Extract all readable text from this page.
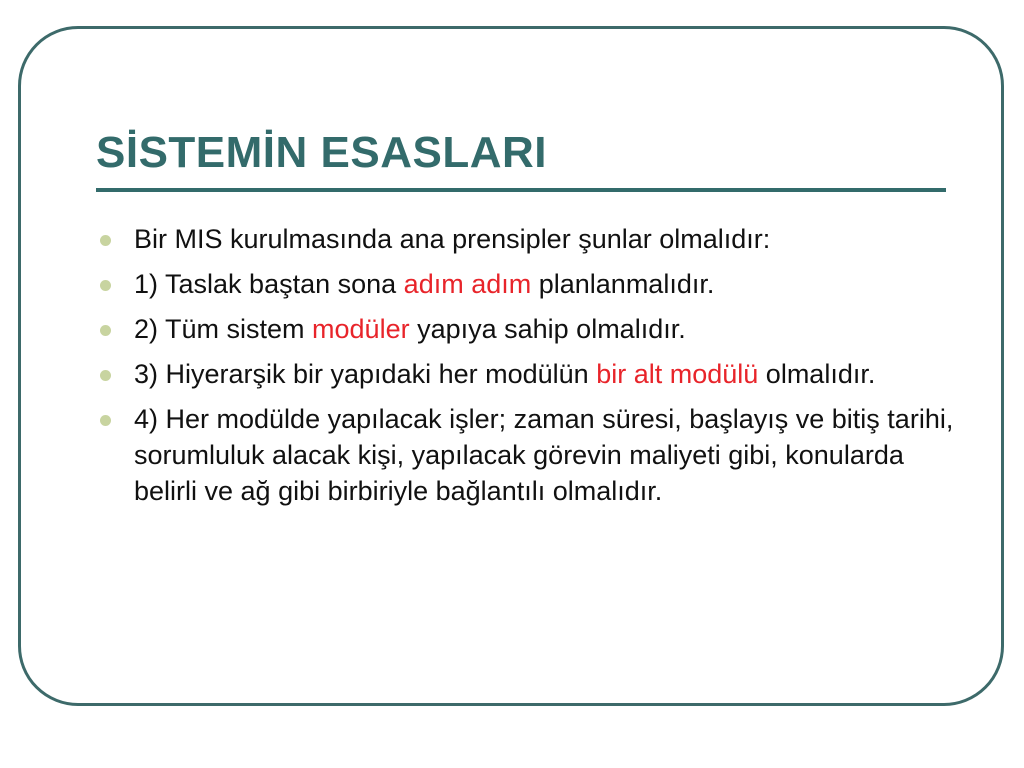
SİSTEMİN ESASLARI
Bir MIS kurulmasında ana prensipler şunlar olmalıdır:
1) Taslak baştan sona adım adım planlanmalıdır.
2) Tüm sistem modüler yapıya sahip olmalıdır.
3) Hiyerarşik bir yapıdaki her modülün bir alt modülü olmalıdır.
4) Her modülde yapılacak işler; zaman süresi, başlayış ve bitiş tarihi, sorumluluk alacak kişi, yapılacak görevin maliyeti gibi, konularda belirli ve ağ gibi birbiriyle bağlantılı olmalıdır.
